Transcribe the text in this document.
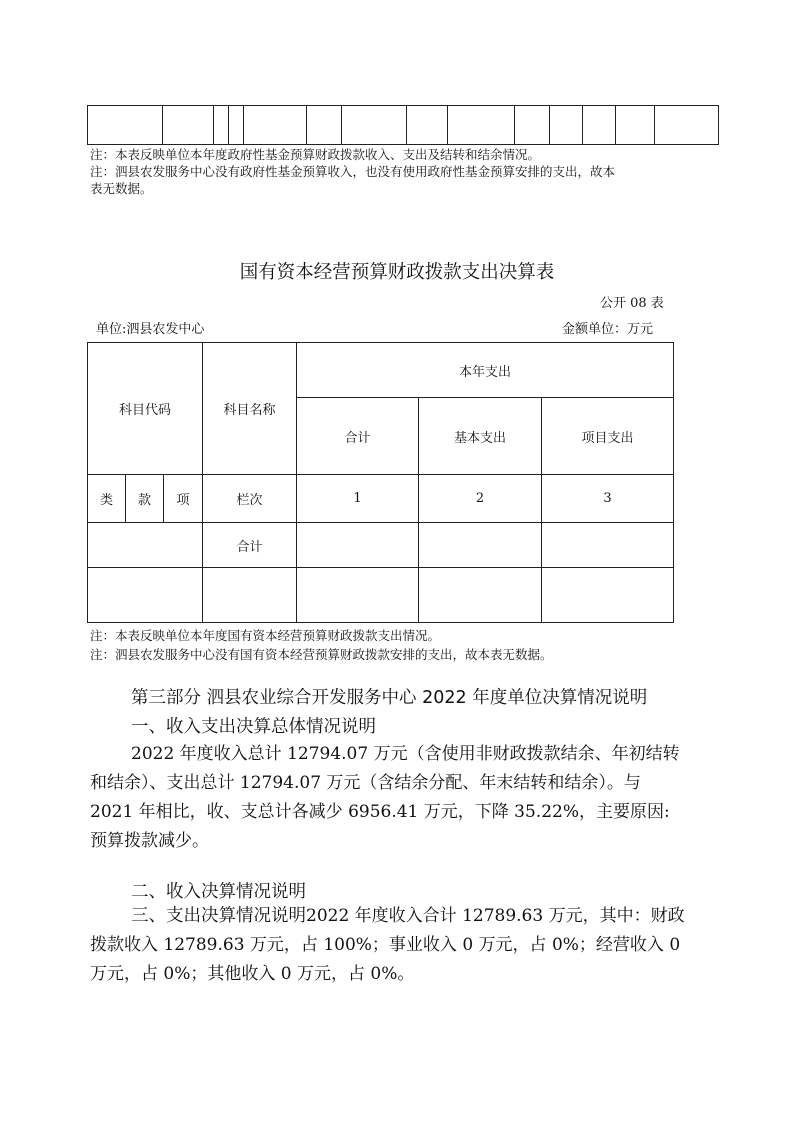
注：本表反映单位本年度政府性基金预算财政拨款收入、支出及结转和结余情况。
注：泗县农发服务中心没有政府性基金预算收入，也没有使用政府性基金预算安排的支出，故本
表无数据。
国有资本经营预算财政拨款支出决算表
公开 08 表
单位:泗县农发中心	金额单位：万元
科目代码			科目名称	本年支出		
				合计	基本支出	项目支出
类	款	项	栏次	1	2	3
			合计			

注：本表反映单位本年度国有资本经营预算财政拨款支出情况。
注：泗县农发服务中心没有国有资本经营预算财政拨款安排的支出，故本表无数据。
第三部分 泗县农业综合开发服务中心 2022 年度单位决算情况说明
一、收入支出决算总体情况说明

2022 年度收入总计 12794.07 万元（含使用非财政拨款结余、年初结转

和结余）、支出总计 12794.07 万元（含结余分配、年末结转和结余）。与

2021 年相比，收、支总计各减少 6956.41 万元，下降 35.22%，主要原因:

预算拨款减少。

二、收入决算情况说明

三、支出决算情况说明2022 年度收入合计 12789.63 万元，其中：财政

拨款收入 12789.63 万元，占 100%；事业收入 0 万元，占 0%；经营收入 0

万元，占 0%；其他收入 0 万元，占 0%。
